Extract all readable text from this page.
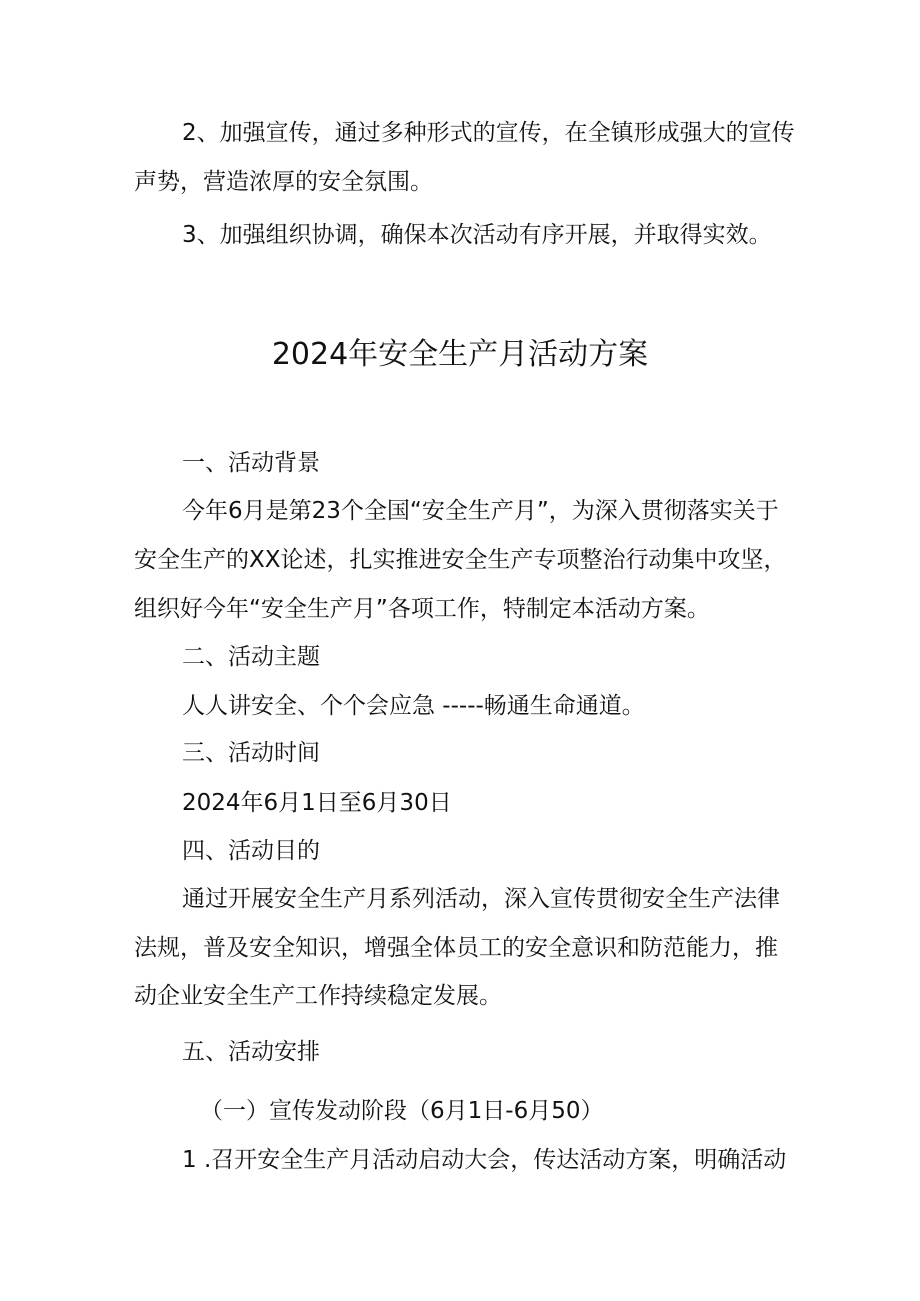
2、加强宣传，通过多种形式的宣传，在全镇形成强大的宣传
声势，营造浓厚的安全氛围。
3、加强组织协调，确保本次活动有序开展，并取得实效。
2024年安全生产月活动方案
一、活动背景
今年6月是第23个全国“安全生产月”，为深入贯彻落实关于
安全生产的XX论述，扎实推进安全生产专项整治行动集中攻坚，
组织好今年“安全生产月”各项工作，特制定本活动方案。
二、活动主题
人人讲安全、个个会应急 -----畅通生命通道。
三、活动时间
2024年6月1日至6月30日
四、活动目的
通过开展安全生产月系列活动，深入宣传贯彻安全生产法律
法规，普及安全知识，增强全体员工的安全意识和防范能力，推
动企业安全生产工作持续稳定发展。
五、活动安排
（一）宣传发动阶段（6月1日-6月50）
1 .召开安全生产月活动启动大会，传达活动方案，明确活动
